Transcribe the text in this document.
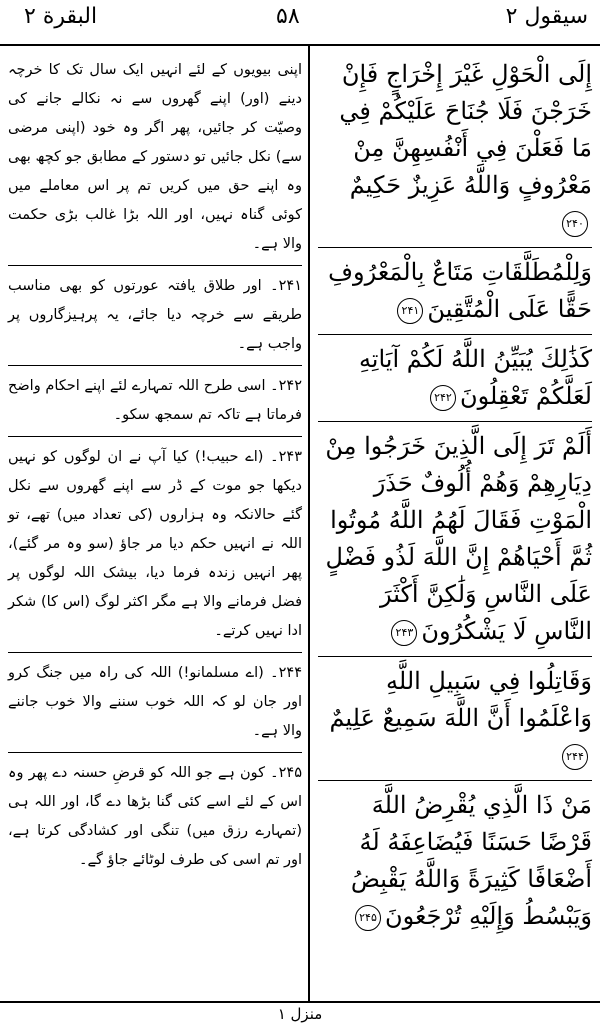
البقرة ۲	۵۸	سیقول ۲

اپنی بیویوں کے لئے انہیں ایک سال تک کا خرچہ دینے (اور) اپنے گھروں سے نہ نکالے جانے کی وصیّت کر جائیں، پھر اگر وہ خود (اپنی مرضی سے) نکل جائیں تو دستور کے مطابق جو کچھ بھی وہ اپنے حق میں کریں تم پر اس معاملے میں کوئی گناہ نہیں، اور اللہ بڑا غالب بڑی حکمت والا ہے۔

۲۴۱۔ اور طلاق یافتہ عورتوں کو بھی مناسب طریقے سے خرچہ دیا جائے، یہ پرہیزگاروں پر واجب ہے۔

۲۴۲۔ اسی طرح اللہ تمہارے لئے اپنے احکام واضح فرماتا ہے تاکہ تم سمجھ سکو۔

۲۴۳۔ (اے حبیب!) کیا آپ نے ان لوگوں کو نہیں دیکھا جو موت کے ڈر سے اپنے گھروں سے نکل گئے حالانکہ وہ ہزاروں (کی تعداد میں) تھے، تو اللہ نے انہیں حکم دیا مر جاؤ (سو وہ مر گئے)، پھر انہیں زندہ فرما دیا، بیشک اللہ لوگوں پر فضل فرمانے والا ہے مگر اکثر لوگ (اس کا) شکر ادا نہیں کرتے۔

۲۴۴۔ (اے مسلمانو!) اللہ کی راہ میں جنگ کرو اور جان لو کہ اللہ خوب سننے والا خوب جاننے والا ہے۔

۲۴۵۔ کون ہے جو اللہ کو قرضِ حسنہ دے پھر وہ اس کے لئے اسے کئی گنا بڑھا دے گا، اور اللہ ہی (تمہارے رزق میں) تنگی اور کشادگی کرتا ہے، اور تم اسی کی طرف لوٹائے جاؤ گے۔

إِلَى الْحَوْلِ غَيْرَ إِخْرَاجٍ فَإِنْ خَرَجْنَ فَلَا جُنَاحَ عَلَيْكُمْ فِي مَا فَعَلْنَ فِي أَنْفُسِهِنَّ مِنْ مَعْرُوفٍ وَاللَّهُ عَزِيزٌ حَكِيمٌ۲۴۰

وَلِلْمُطَلَّقَاتِ مَتَاعٌ بِالْمَعْرُوفِ حَقًّا عَلَى الْمُتَّقِينَ۲۴۱

كَذَٰلِكَ يُبَيِّنُ اللَّهُ لَكُمْ آيَاتِهِ لَعَلَّكُمْ تَعْقِلُونَ۲۴۲

أَلَمْ تَرَ إِلَى الَّذِينَ خَرَجُوا مِنْ دِيَارِهِمْ وَهُمْ أُلُوفٌ حَذَرَ الْمَوْتِ فَقَالَ لَهُمُ اللَّهُ مُوتُوا ثُمَّ أَحْيَاهُمْ إِنَّ اللَّهَ لَذُو فَضْلٍ عَلَى النَّاسِ وَلَٰكِنَّ أَكْثَرَ النَّاسِ لَا يَشْكُرُونَ۲۴۳

وَقَاتِلُوا فِي سَبِيلِ اللَّهِ وَاعْلَمُوا أَنَّ اللَّهَ سَمِيعٌ عَلِيمٌ۲۴۴

مَنْ ذَا الَّذِي يُقْرِضُ اللَّهَ قَرْضًا حَسَنًا فَيُضَاعِفَهُ لَهُ أَضْعَافًا كَثِيرَةً وَاللَّهُ يَقْبِضُ وَيَبْسُطُ وَإِلَيْهِ تُرْجَعُونَ۲۴۵

منزل ۱
